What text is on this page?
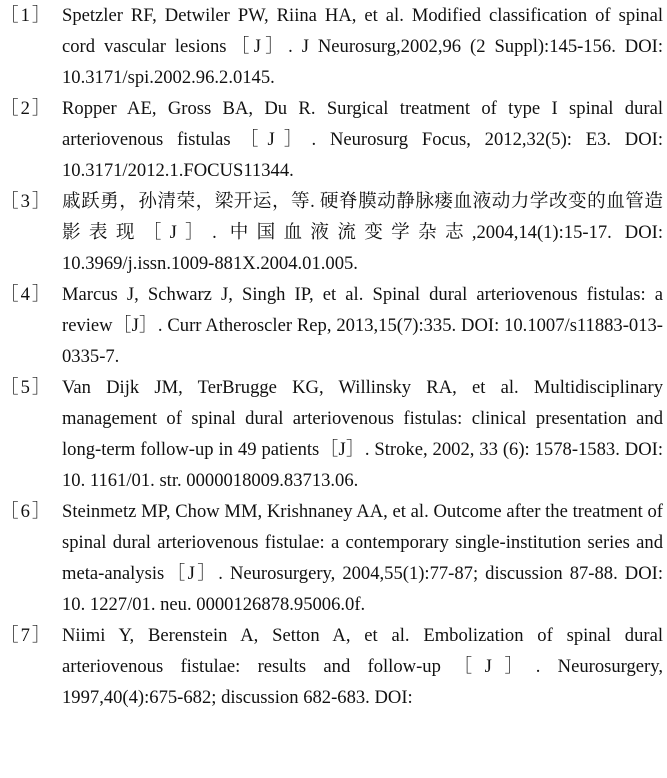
［1］ Spetzler RF, Detwiler PW, Riina HA, et al. Modified classification of spinal cord vascular lesions［J］. J Neurosurg,2002,96 (2 Suppl):145-156. DOI: 10.3171/spi.2002.96.2.0145.
［2］ Ropper AE, Gross BA, Du R. Surgical treatment of type I spinal dural arteriovenous fistulas［J］. Neurosurg Focus, 2012,32(5): E3. DOI: 10.3171/2012.1.FOCUS11344.
［3］ 戚跃勇，孙清荣，梁开运，等. 硬脊膜动静脉瘘血液动力学改变的血管造影表现［J］. 中国血液流变学杂志,2004,14(1):15-17. DOI: 10.3969/j.issn.1009-881X.2004.01.005.
［4］ Marcus J, Schwarz J, Singh IP, et al. Spinal dural arteriovenous fistulas: a review［J］. Curr Atheroscler Rep, 2013,15(7):335. DOI: 10.1007/s11883-013-0335-7.
［5］ Van Dijk JM, TerBrugge KG, Willinsky RA, et al. Multidisciplinary management of spinal dural arteriovenous fistulas: clinical presentation and long-term follow-up in 49 patients［J］. Stroke, 2002, 33 (6): 1578-1583. DOI: 10. 1161/01. str. 0000018009.83713.06.
［6］ Steinmetz MP, Chow MM, Krishnaney AA, et al. Outcome after the treatment of spinal dural arteriovenous fistulae: a contemporary single-institution series and meta-analysis［J］. Neurosurgery, 2004,55(1):77-87; discussion 87-88. DOI: 10. 1227/01. neu. 0000126878.95006.0f.
［7］ Niimi Y, Berenstein A, Setton A, et al. Embolization of spinal dural arteriovenous fistulae: results and follow-up［J］. Neurosurgery, 1997,40(4):675-682; discussion 682-683. DOI:
